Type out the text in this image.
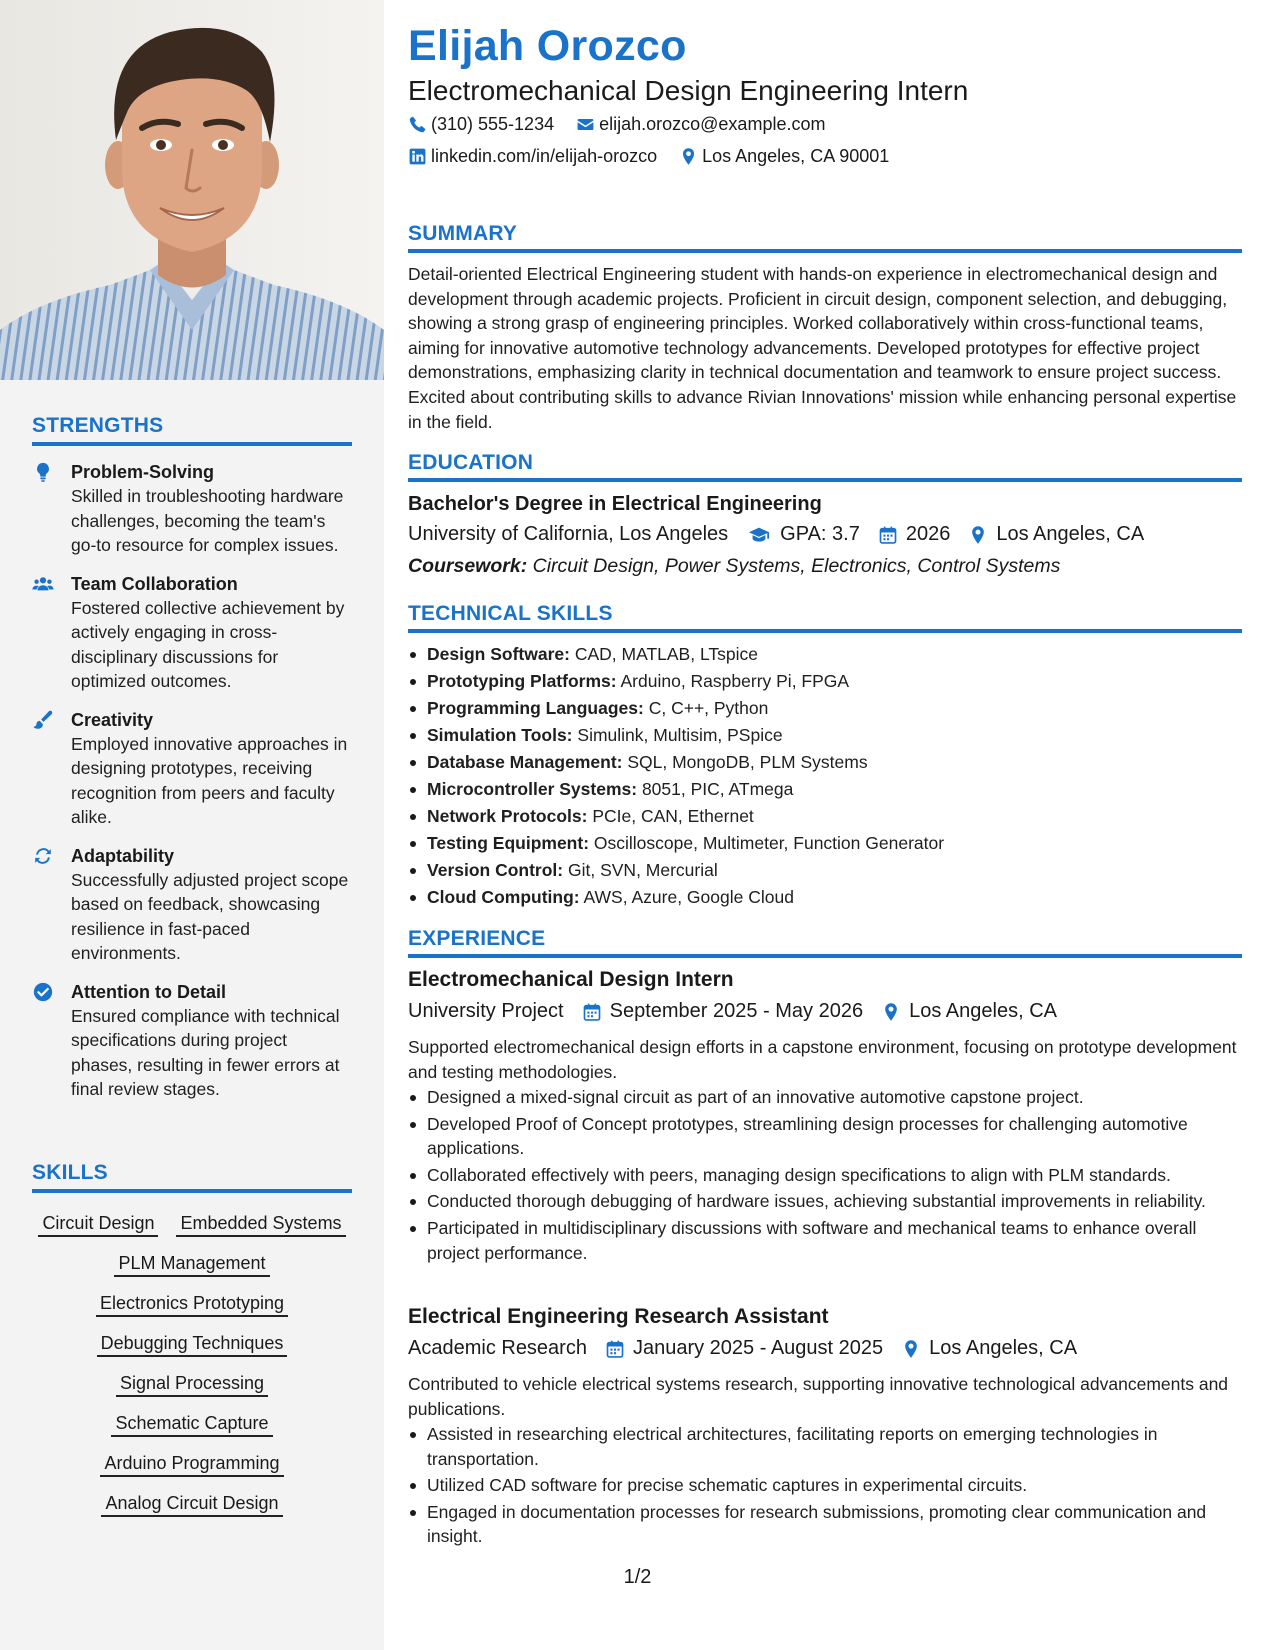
STRENGTHS
Problem-Solving
Skilled in troubleshooting hardware challenges, becoming the team's go-to resource for complex issues.
Team Collaboration
Fostered collective achievement by actively engaging in cross-disciplinary discussions for optimized outcomes.
Creativity
Employed innovative approaches in designing prototypes, receiving recognition from peers and faculty alike.
Adaptability
Successfully adjusted project scope based on feedback, showcasing resilience in fast-paced environments.
Attention to Detail
Ensured compliance with technical specifications during project phases, resulting in fewer errors at final review stages.
SKILLS
Circuit Design Embedded Systems
PLM Management
Electronics Prototyping
Debugging Techniques
Signal Processing
Schematic Capture
Arduino Programming
Analog Circuit Design
Elijah Orozco
Electromechanical Design Engineering Intern
(310) 555-1234	elijah.orozco@example.com
linkedin.com/in/elijah-orozco	Los Angeles, CA 90001
SUMMARY
Detail-oriented Electrical Engineering student with hands-on experience in electromechanical design and development through academic projects. Proficient in circuit design, component selection, and debugging, showing a strong grasp of engineering principles. Worked collaboratively within cross-functional teams, aiming for innovative automotive technology advancements. Developed prototypes for effective project demonstrations, emphasizing clarity in technical documentation and teamwork to ensure project success. Excited about contributing skills to advance Rivian Innovations' mission while enhancing personal expertise in the field.
EDUCATION
Bachelor's Degree in Electrical Engineering
University of California, Los Angeles	GPA: 3.7 2026 Los Angeles, CA
Coursework: Circuit Design, Power Systems, Electronics, Control Systems
TECHNICAL SKILLS
Design Software: CAD, MATLAB, LTspice
Prototyping Platforms: Arduino, Raspberry Pi, FPGA
Programming Languages: C, C++, Python
Simulation Tools: Simulink, Multisim, PSpice
Database Management: SQL, MongoDB, PLM Systems
Microcontroller Systems: 8051, PIC, ATmega
Network Protocols: PCIe, CAN, Ethernet
Testing Equipment: Oscilloscope, Multimeter, Function Generator
Version Control: Git, SVN, Mercurial
Cloud Computing: AWS, Azure, Google Cloud
EXPERIENCE
Electromechanical Design Intern
University Project September 2025 - May 2026 Los Angeles, CA
Supported electromechanical design efforts in a capstone environment, focusing on prototype development and testing methodologies.
Designed a mixed-signal circuit as part of an innovative automotive capstone project.
Developed Proof of Concept prototypes, streamlining design processes for challenging automotive applications.
Collaborated effectively with peers, managing design specifications to align with PLM standards.
Conducted thorough debugging of hardware issues, achieving substantial improvements in reliability.
Participated in multidisciplinary discussions with software and mechanical teams to enhance overall project performance.
Electrical Engineering Research Assistant
Academic Research January 2025 - August 2025 Los Angeles, CA
Contributed to vehicle electrical systems research, supporting innovative technological advancements and publications.
Assisted in researching electrical architectures, facilitating reports on emerging technologies in transportation.
Utilized CAD software for precise schematic captures in experimental circuits.
Engaged in documentation processes for research submissions, promoting clear communication and insight.
1/2
